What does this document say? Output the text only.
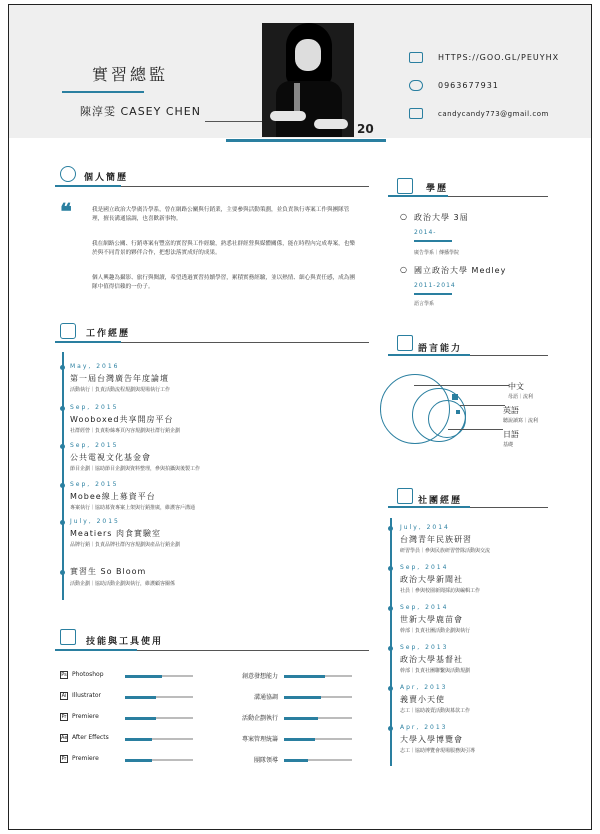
實習總監
陳淳雯 CASEY CHEN
20
HTTPS://GOO.GL/PEUYHX
0963677931
candycandy773@gmail.com
個人簡歷
❝	我是國立政治大學廣告學系，曾在網路公關與行銷業，主要參與活動策劃，並負責執行專案工作與團隊管理，擅長溝通協調，也喜歡新事物。
我在網路公關、行銷專案有豐富的實習與工作經驗，熟悉社群經營與媒體關係，能在時程內完成專案，也樂於與不同背景的夥伴合作，把想法落實成好的成果。
個人興趣為攝影、旅行與閱讀，希望透過實習持續學習，累積實務經驗，並以熱情、細心與責任感，成為團隊中值得信賴的一份子。
工作經歷
May, 2016
第一屆台灣廣告年度論壇
活動執行｜負責活動流程規劃與現場執行工作
Sep, 2015
Wooboxed共享開房平台
社群經營｜負責粉絲專頁內容規劃與社群行銷企劃
Sep, 2015
公共電視文化基金會
節目企劃｜協助節目企劃與資料整理，參與拍攝與後製工作
Sep, 2015
Mobee線上募資平台
專案執行｜協助募資專案上架與行銷推廣，維護客戶溝通
July, 2015
Meatiers 肉食實驗室
品牌行銷｜負責品牌社群內容規劃與產品行銷企劃
實習生 So Bloom
活動企劃｜協助活動企劃與執行，維護顧客關係
技能與工具使用
Ps Photoshop
Ai Illustrator
Pr Premiere
Ae After Effects
Pr Premiere
創意發想能力
溝通協調
活動企劃執行
專案管理統籌
團隊領導
學歷
○ 政治大學 3屆
2014-
廣告學系｜傳播學院
○ 國立政治大學 Medley
2011-2014
語言學系
語言能力
中文
母語｜流利
英語
聽說讀寫｜流利
日語
基礎
社團經歷
July, 2014
台灣青年民族研習
研習學員｜參與民族研習營隊活動與交流
Sep, 2014
政治大學新聞社
社員｜參與校園新聞採訪與編輯工作
Sep, 2014
世新大學鹿苗會
幹部｜負責社團活動企劃與執行
Sep, 2013
政治大學基督社
幹部｜負責社團聯繫與活動規劃
Apr, 2013
義賣小天使
志工｜協助義賣活動與募款工作
Apr, 2013
大學入學博覽會
志工｜協助博覽會現場服務與引導
